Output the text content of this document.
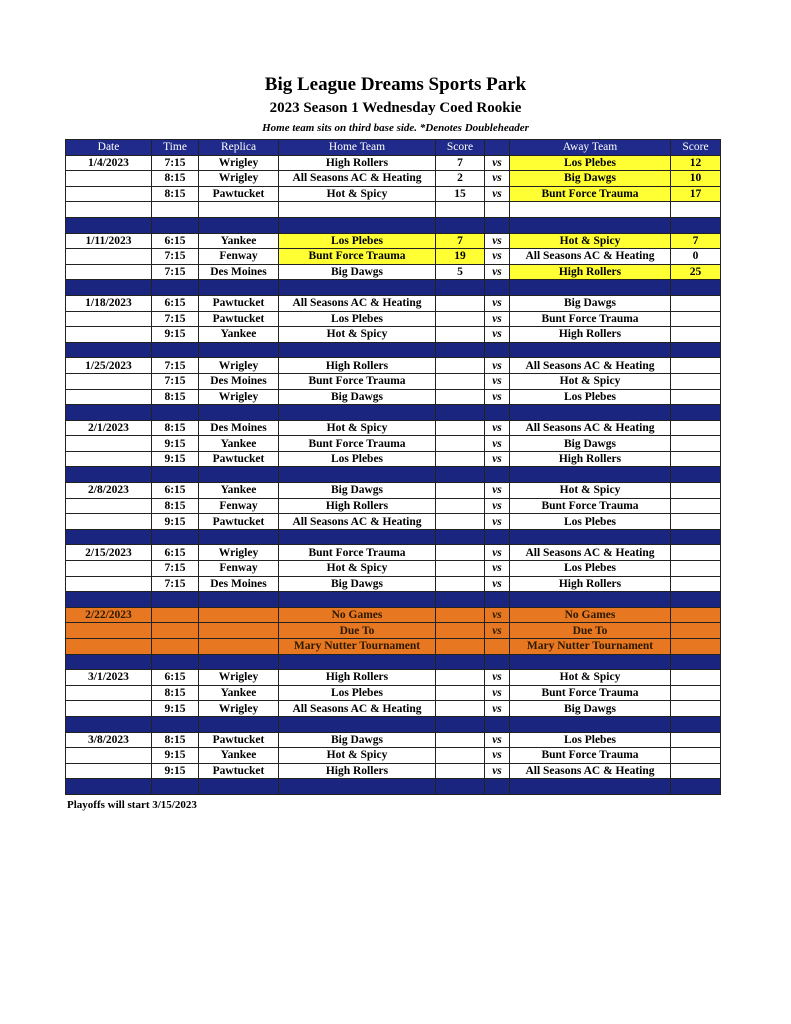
Big League Dreams Sports Park
2023 Season 1 Wednesday Coed Rookie
Home team sits on third base side. *Denotes Doubleheader
Date	Time	Replica	Home Team	Score		Away Team	Score
1/4/2023	7:15	Wrigley	High Rollers	7	vs	Los Plebes	12
	8:15	Wrigley	All Seasons AC & Heating	2	vs	Big Dawgs	10
	8:15	Pawtucket	Hot & Spicy	15	vs	Bunt Force Trauma	17

1/11/2023	6:15	Yankee	Los Plebes	7	vs	Hot & Spicy	7
	7:15	Fenway	Bunt Force Trauma	19	vs	All Seasons AC & Heating	0
	7:15	Des Moines	Big Dawgs	5	vs	High Rollers	25

1/18/2023	6:15	Pawtucket	All Seasons AC & Heating		vs	Big Dawgs	
	7:15	Pawtucket	Los Plebes		vs	Bunt Force Trauma	
	9:15	Yankee	Hot & Spicy		vs	High Rollers	

1/25/2023	7:15	Wrigley	High Rollers		vs	All Seasons AC & Heating	
	7:15	Des Moines	Bunt Force Trauma		vs	Hot & Spicy	
	8:15	Wrigley	Big Dawgs		vs	Los Plebes	

2/1/2023	8:15	Des Moines	Hot & Spicy		vs	All Seasons AC & Heating	
	9:15	Yankee	Bunt Force Trauma		vs	Big Dawgs	
	9:15	Pawtucket	Los Plebes		vs	High Rollers	

2/8/2023	6:15	Yankee	Big Dawgs		vs	Hot & Spicy	
	8:15	Fenway	High Rollers		vs	Bunt Force Trauma	
	9:15	Pawtucket	All Seasons AC & Heating		vs	Los Plebes	

2/15/2023	6:15	Wrigley	Bunt Force Trauma		vs	All Seasons AC & Heating	
	7:15	Fenway	Hot & Spicy		vs	Los Plebes	
	7:15	Des Moines	Big Dawgs		vs	High Rollers	

2/22/2023			No Games		vs	No Games	
			Due To		vs	Due To	
			Mary Nutter Tournament			Mary Nutter Tournament	

3/1/2023	6:15	Wrigley	High Rollers		vs	Hot & Spicy	
	8:15	Yankee	Los Plebes		vs	Bunt Force Trauma	
	9:15	Wrigley	All Seasons AC & Heating		vs	Big Dawgs	

3/8/2023	8:15	Pawtucket	Big Dawgs		vs	Los Plebes	
	9:15	Yankee	Hot & Spicy		vs	Bunt Force Trauma	
	9:15	Pawtucket	High Rollers		vs	All Seasons AC & Heating	

Playoffs will start 3/15/2023
